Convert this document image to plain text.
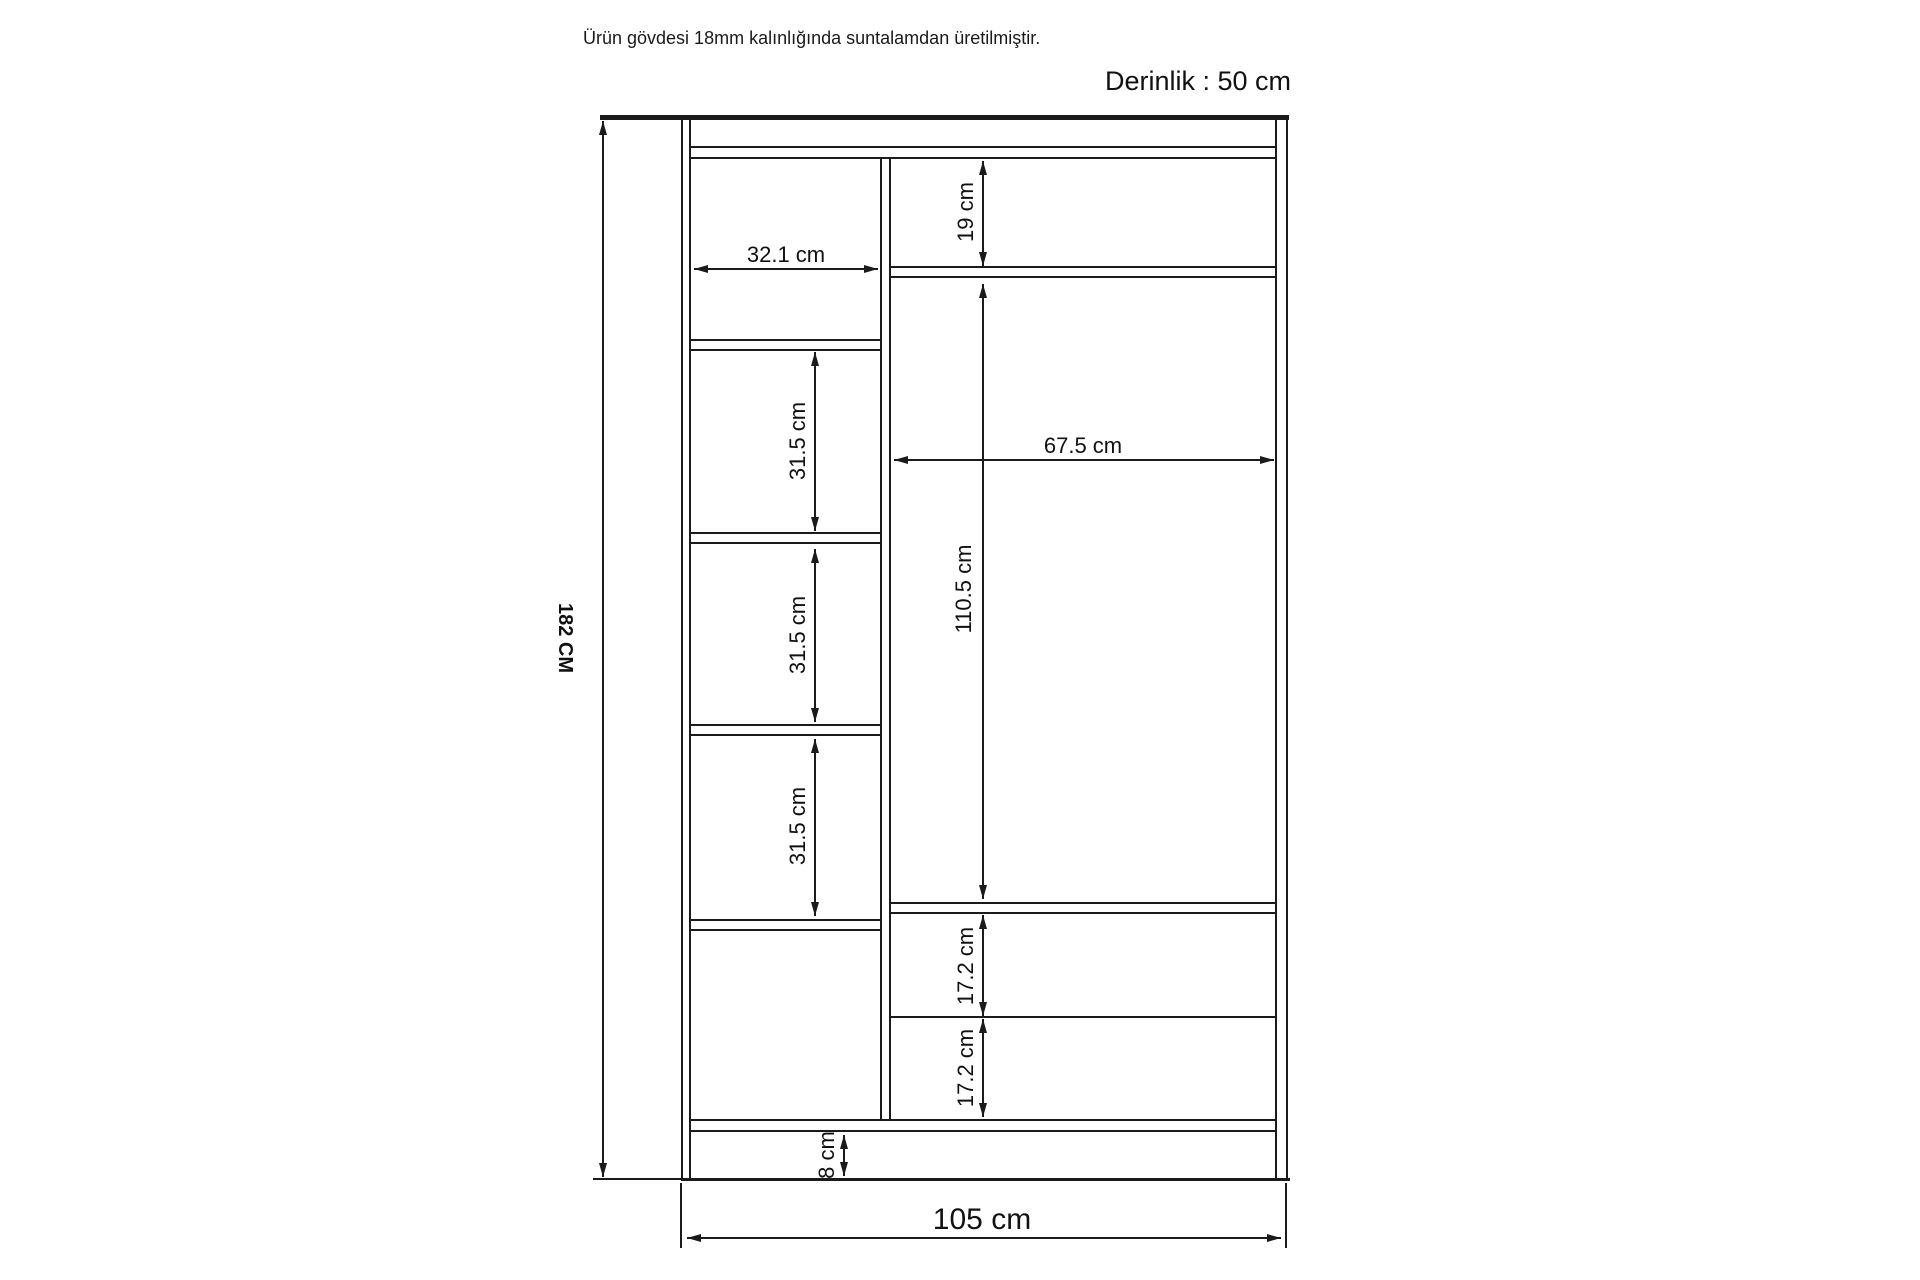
Ürün gövdesi 18mm kalınlığında suntalamdan üretilmiştir.
Derinlik : 50 cm
182 CM
32.1 cm
19 cm
67.5 cm
110.5 cm
31.5 cm
31.5 cm
31.5 cm
17.2 cm
17.2 cm
8 cm
105 cm
